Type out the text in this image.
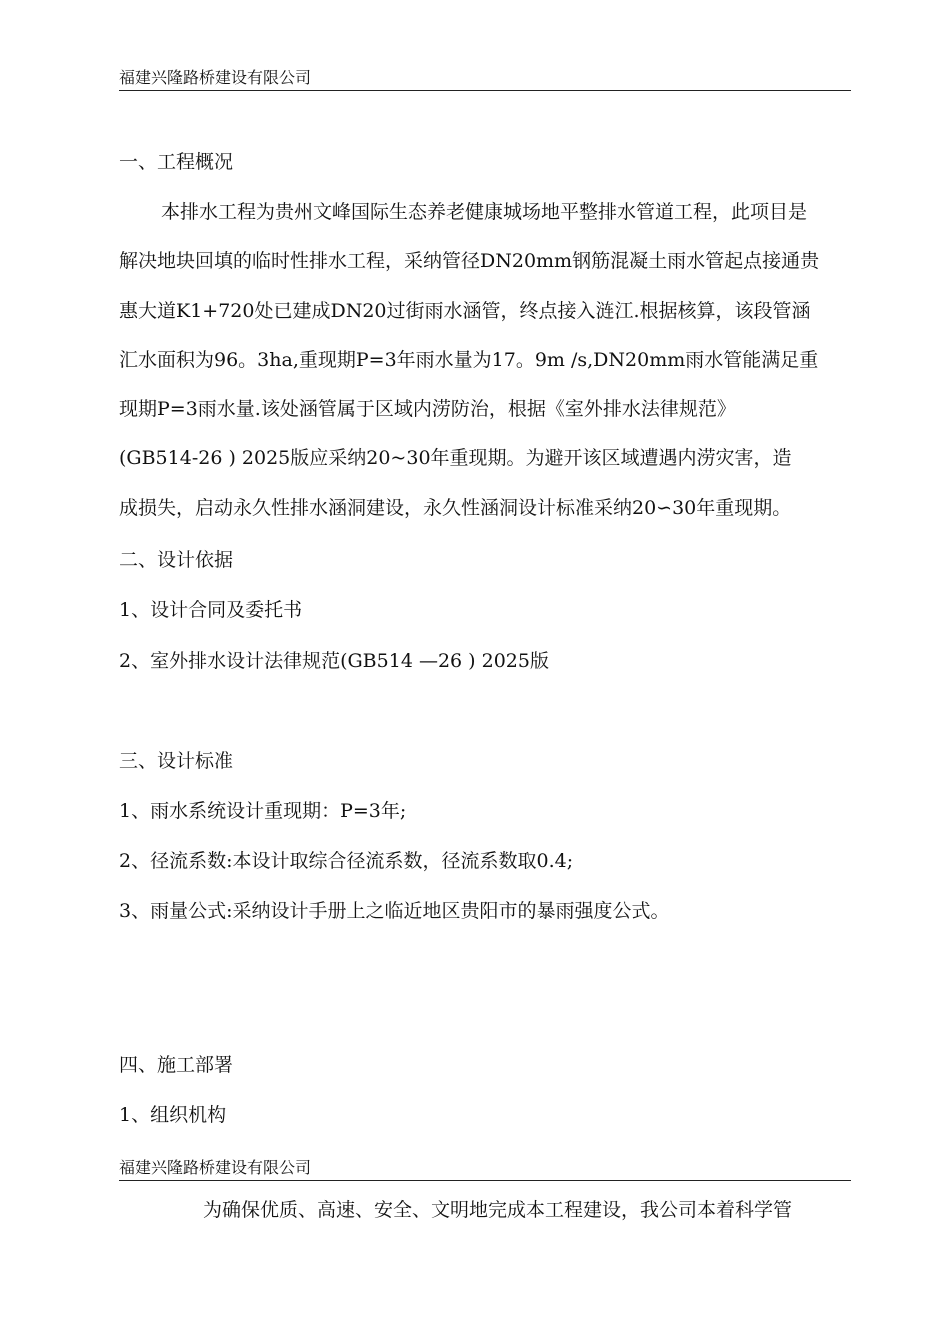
福建兴隆路桥建设有限公司
一、工程概况
本排水工程为贵州文峰国际生态养老健康城场地平整排水管道工程，此项目是
解决地块回填的临时性排水工程，采纳管径DN20mm钢筋混凝土雨水管起点接通贵
惠大道K1+720处已建成DN20过街雨水涵管，终点接入涟江.根据核算，该段管涵
汇水面积为96。3ha,重现期P=3年雨水量为17。9m /s,DN20mm雨水管能满足重
现期P=3雨水量.该处涵管属于区域内涝防治，根据《室外排水法律规范》
(GB514-26 ) 2025版应采纳20~30年重现期。为避开该区域遭遇内涝灾害，造
成损失，启动永久性排水涵洞建设，永久性涵洞设计标准采纳20∽30年重现期。
二、设计依据
1、设计合同及委托书
2、室外排水设计法律规范(GB514 —26 ) 2025版
三、设计标准
1、雨水系统设计重现期：P=3年;
2、径流系数:本设计取综合径流系数，径流系数取0.4;
3、雨量公式:采纳设计手册上之临近地区贵阳市的暴雨强度公式。
四、施工部署
1、组织机构
福建兴隆路桥建设有限公司
为确保优质、高速、安全、文明地完成本工程建设，我公司本着科学管
